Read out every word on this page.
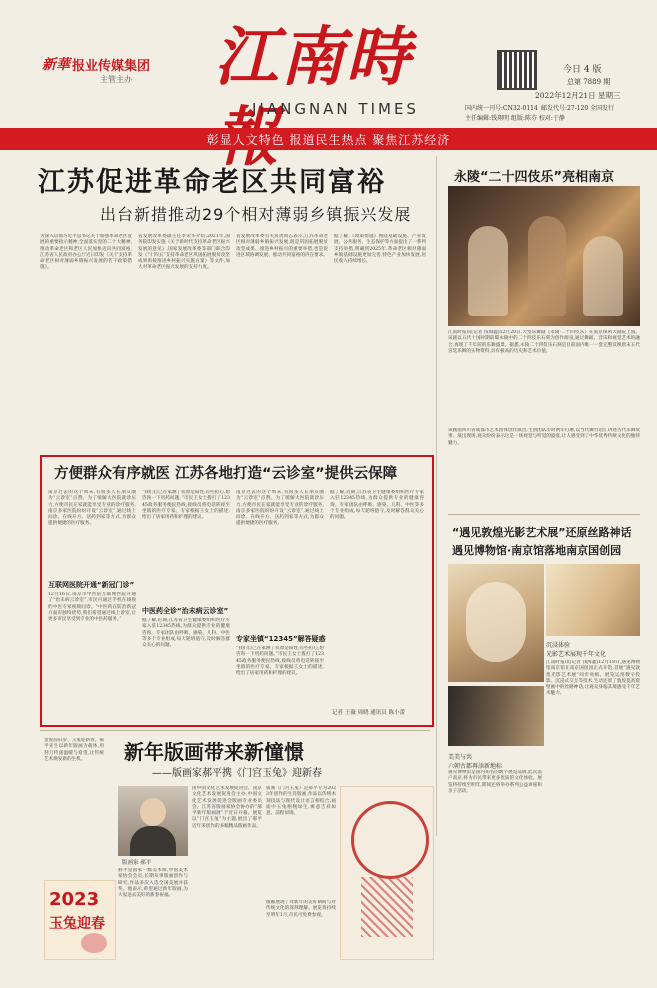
新華 报业传媒集团
主管主办 江南時
JIANGNAN TIMES
今日 4 版
总第 7889 期
2022年12月21日 星期三
国内统一刊号:CN32-0114 邮发代号:27-120 全国发行
主任编辑:钱翔明 组版:陈芬 校对:于静
彰显人文特色 报道民生热点 聚焦江苏经济
江苏促进革命老区共同富裕
出台新措推动29个相对薄弱乡镇振兴发展
为深入贯彻习近平总书记关于加强革命老区发展的重要指示精神,全面落实党的二十大精神,推动革命老区和老区人民加快迈向共同富裕,江苏省人民政府办公厅近日印发《关于支持革命老区相对薄弱乡镇振兴发展的若干政策措施》。
省发展改革委副主任李荣华介绍,2021年,国务院印发实施《关于新时代支持革命老区振兴发展的意见》,国家发展改革委等部门联合印发《“十四五”支持革命老区巩固拓展脱贫攻坚成果衔接推进乡村振兴实施方案》等文件,加大对革命老区振兴发展的支持力度。
省发展改革委有关负责同志表示,江苏革命老区相对薄弱乡镇振兴发展,既是巩固拓展脱贫攻坚成果、推进乡村振兴的重要举措,也是促进区域协调发展、推动共同富裕的内在要求。
据了解,《政策措施》围绕基础设施、产业发展、公共服务、生态保护等方面提出了一系列支持举措,明确到2025年,革命老区相对薄弱乡镇基础设施更加完善,特色产业加快发展,居民收入持续增长。
永陵“二十四伎乐”亮相南京
江南时报讯(记者 钱海鑫)12月20日,大型乐舞剧《永陵·二十四伎乐》在南京保利大剧院上演。该剧以五代十国时期前蜀永陵中的二十四伎乐石刻为创作源泉,通过舞蹈、音乐和视觉艺术的融合,再现了千年前的乐舞盛景。据悉,永陵二十四伎乐石刻是目前国内唯一一套完整反映唐末五代宫廷乐舞的实物资料,具有极高的历史和艺术价值。
该剧由四川省成都市艺术团体创作演出,主创团队历时两年打磨,以当代舞台语汇讲述古代乐舞故事。演出现场,观众纷纷表示这是一场视觉与听觉的盛宴,让人感受到了中华优秀传统文化的独特魅力。
“遇见敦煌光影艺术展”还原丝路神话
遇见博物馆·南京馆落地南京国创园
沉浸体验
光影艺术展现千年文化
美美与共
六朝古都再添新地标
江南时报讯(记者 钱海鑫)12月19日,遇见博物馆南京馆在南京国创园正式开馆,首展“遇见敦煌光影艺术展”同步亮相。展览运用数字投影、沉浸式交互等技术,生动还原了敦煌莫高窟壁画中的丝路神话,让观众身临其境感受千年艺术魅力。
遇见博物馆是国内知名的数字展览品牌,此次落户南京,将为市民带来更多优质的文化体验。展览将持续至明年,期间还将举办系列公益讲座和亲子活动。
方便群众有序就医 江苏各地打造“云诊室”提供云保障
南京过去的这个周末,有很多人在朋友圈为“云诊室”点赞。为了缓解大医院就诊压力,方便市民在家就能享受专业的诊疗服务,南京多家医院纷纷开设“云诊室”,通过线上问诊、在线开方、送药到家等方式,为群众提供便捷的医疗服务。
互联网医院开通“新冠门诊”
12月16日,南京市中医院互联网医院开通了“治未病云诊室”,市民可通过手机在线预约中医专家视频问诊。“中医药在防治新冠方面有独特优势,我们希望通过线上诊室,让更多市民享受到专业的中医药服务。”
“我们自己在家测了抗原是阳性,有些担心,想咨询一下用药问题。”市民王女士拨打了12345政务服务便民热线,接线员将电话转接至坐镇的医疗专家。专家根据王女士的描述,给出了居家用药和护理的建议。
中医药全诊“治未病云诊室”
据了解,近期,江苏省卫生健康委组织医疗专家入驻12345热线,为群众提供专业的健康咨询。专家团队由呼吸、感染、儿科、中医等多个专业组成,每天轮班值守,及时解答群众关心的问题。
南京过去的这个周末,有很多人在朋友圈为“云诊室”点赞。为了缓解大医院就诊压力,方便市民在家就能享受专业的诊疗服务,南京多家医院纷纷开设“云诊室”,通过线上问诊、在线开方、送药到家等方式,为群众提供便捷的医疗服务。
专家坐镇“12345”解答疑惑
“我们自己在家测了抗原是阳性,有些担心,想咨询一下用药问题。”市民王女士拨打了12345政务服务便民热线,接线员将电话转接至坐镇的医疗专家。专家根据王女士的描述,给出了居家用药和护理的建议。
据了解,近期,江苏省卫生健康委组织医疗专家入驻12345热线,为群众提供专业的健康咨询。专家团队由呼吸、感染、儿科、中医等多个专业组成,每天轮班值守,及时解答群众关心的问题。
记者 王薇 周晓 通讯员 陈小蕾
金虎辞旧岁、玉兔迎新春。郝平先生以新年版画为载体,用刻刀传递温暖与希望,让传统艺术焕发新的生机。
2023
玉兔迎春
新年版画带来新憧憬
——版画家郝平携《门宫玉兔》迎新春
版画家 郝平
由中国文化艺术发展促进会、南京文化艺术发展促进会主办,中国文化艺术发展促进会版画专业委员会、江苏省版画家协会协办的“郝平新年版画展”于近日开幕。展览以“门宫玉兔”为主题,展出了郝平近年来创作的多幅精品版画作品。
郝平是国家一级美术师,中国美术家协会会员,长期从事版画创作与研究,作品多次入选全国美展并获奖。他表示,希望通过新年版画,为大家送去美好的新春祝福。
版画《门宫玉兔》是郝平专为2023年创作的生肖版画,作品以传统木刻技法与现代设计语言相结合,画面中玉兔栩栩如生,寓意吉祥如意、前程似锦。
版画展现了对新年的美好期盼与对传统文化的深刻理解。展览将持续至明年1月,市民可免费参观。
